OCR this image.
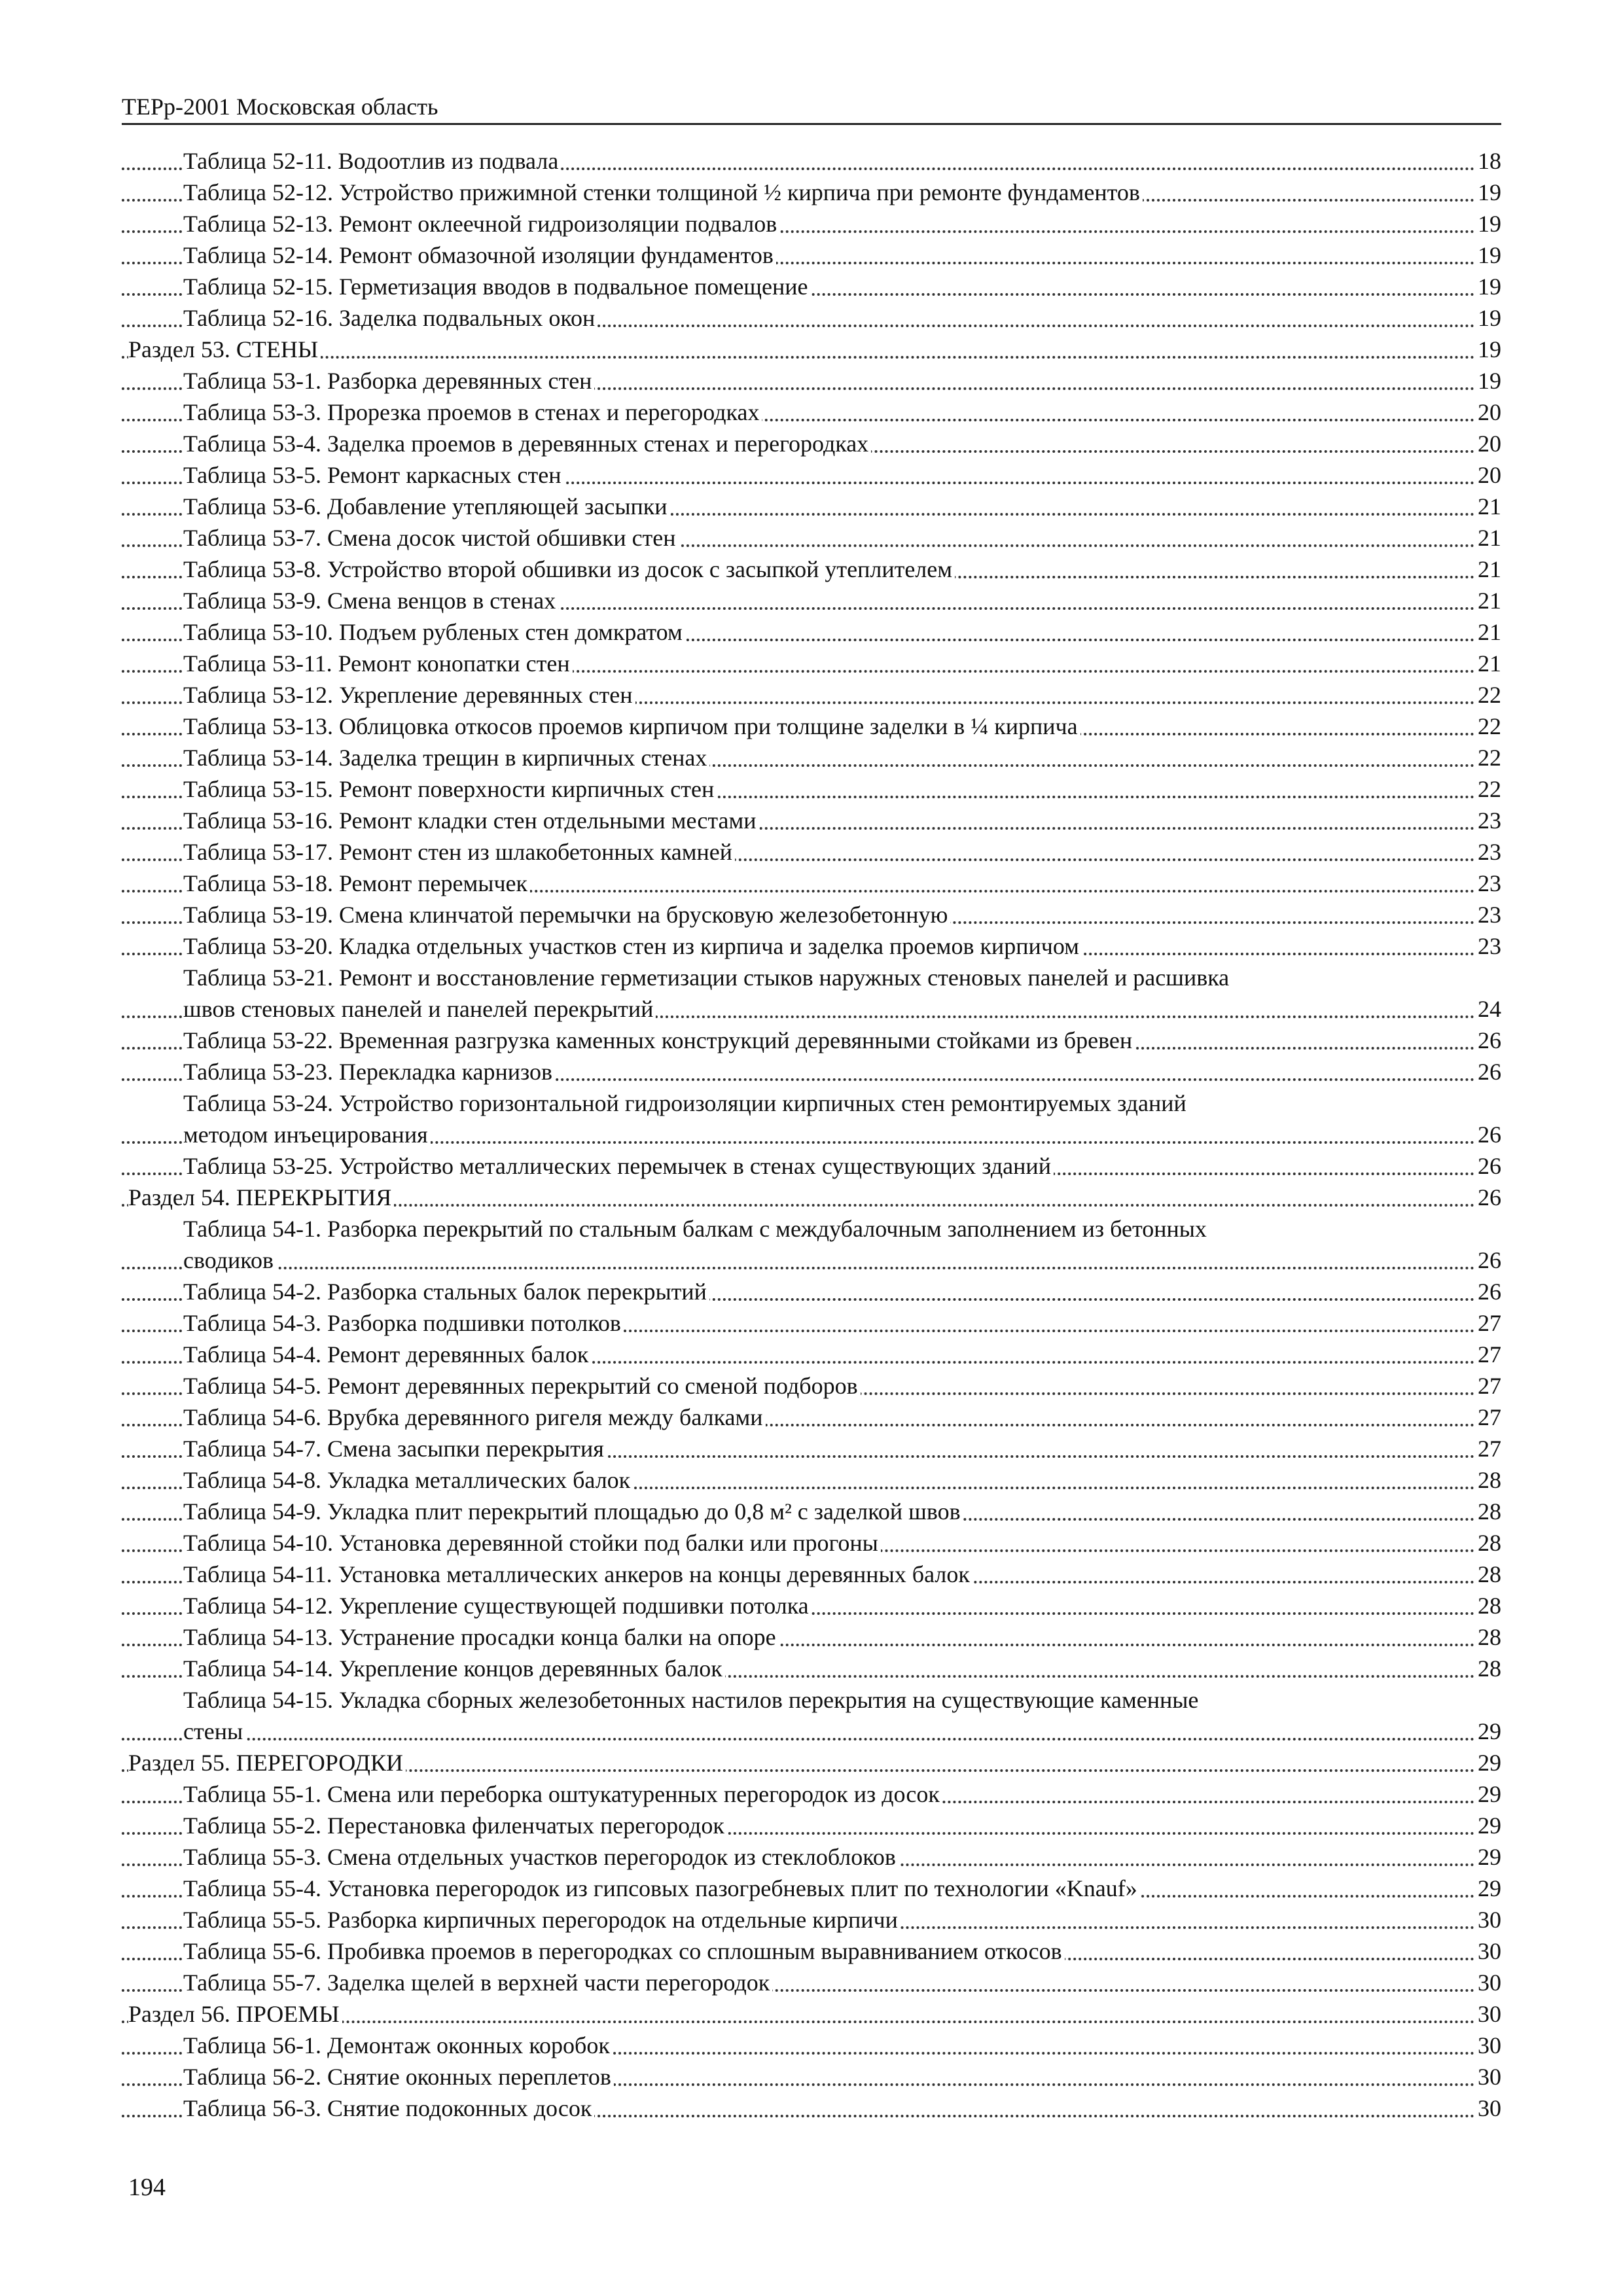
ТЕРр-2001 Московская область
Таблица 52-11. Водоотлив из подвала	18
Таблица 52-12. Устройство прижимной стенки толщиной ½ кирпича при ремонте фундаментов	19
Таблица 52-13. Ремонт оклеечной гидроизоляции подвалов	19
Таблица 52-14. Ремонт обмазочной изоляции фундаментов	19
Таблица 52-15. Герметизация вводов в подвальное помещение	19
Таблица 52-16. Заделка подвальных окон	19
Раздел 53. СТЕНЫ	19
Таблица 53-1. Разборка деревянных стен	19
Таблица 53-3. Прорезка проемов в стенах и перегородках	20
Таблица 53-4. Заделка проемов в деревянных стенах и перегородках	20
Таблица 53-5. Ремонт каркасных стен	20
Таблица 53-6. Добавление утепляющей засыпки	21
Таблица 53-7. Смена досок чистой обшивки стен	21
Таблица 53-8. Устройство второй обшивки из досок с засыпкой утеплителем	21
Таблица 53-9. Смена венцов в стенах	21
Таблица 53-10. Подъем рубленых стен домкратом	21
Таблица 53-11. Ремонт конопатки стен	21
Таблица 53-12. Укрепление деревянных стен	22
Таблица 53-13. Облицовка откосов проемов кирпичом при толщине заделки в ¼ кирпича	22
Таблица 53-14. Заделка трещин в кирпичных стенах	22
Таблица 53-15. Ремонт поверхности кирпичных стен	22
Таблица 53-16. Ремонт кладки стен отдельными местами	23
Таблица 53-17. Ремонт стен из шлакобетонных камней	23
Таблица 53-18. Ремонт перемычек	23
Таблица 53-19. Смена клинчатой перемычки на брусковую железобетонную	23
Таблица 53-20. Кладка отдельных участков стен из кирпича и заделка проемов кирпичом	23
Таблица 53-21. Ремонт и восстановление герметизации стыков наружных стеновых панелей и расшивка
швов стеновых панелей и панелей перекрытий	24
Таблица 53-22. Временная разгрузка каменных конструкций деревянными стойками из бревен	26
Таблица 53-23. Перекладка карнизов	26
Таблица 53-24. Устройство горизонтальной гидроизоляции кирпичных стен ремонтируемых зданий
методом инъецирования	26
Таблица 53-25. Устройство металлических перемычек в стенах существующих зданий	26
Раздел 54. ПЕРЕКРЫТИЯ	26
Таблица 54-1. Разборка перекрытий по стальным балкам с междубалочным заполнением из бетонных
сводиков	26
Таблица 54-2. Разборка стальных балок перекрытий	26
Таблица 54-3. Разборка подшивки потолков	27
Таблица 54-4. Ремонт деревянных балок	27
Таблица 54-5. Ремонт деревянных перекрытий со сменой подборов	27
Таблица 54-6. Врубка деревянного ригеля между балками	27
Таблица 54-7. Смена засыпки перекрытия	27
Таблица 54-8. Укладка металлических балок	28
Таблица 54-9. Укладка плит перекрытий площадью до 0,8 м² с заделкой швов	28
Таблица 54-10. Установка деревянной стойки под балки или прогоны	28
Таблица 54-11. Установка металлических анкеров на концы деревянных балок	28
Таблица 54-12. Укрепление существующей подшивки потолка	28
Таблица 54-13. Устранение просадки конца балки на опоре	28
Таблица 54-14. Укрепление концов деревянных балок	28
Таблица 54-15. Укладка сборных железобетонных настилов перекрытия на существующие каменные
стены	29
Раздел 55. ПЕРЕГОРОДКИ	29
Таблица 55-1. Смена или переборка оштукатуренных перегородок из досок	29
Таблица 55-2. Перестановка филенчатых перегородок	29
Таблица 55-3. Смена отдельных участков перегородок из стеклоблоков	29
Таблица 55-4. Установка перегородок из гипсовых пазогребневых плит по технологии «Knauf»	29
Таблица 55-5. Разборка кирпичных перегородок на отдельные кирпичи	30
Таблица 55-6. Пробивка проемов в перегородках со сплошным выравниванием откосов	30
Таблица 55-7. Заделка щелей в верхней части перегородок	30
Раздел 56. ПРОЕМЫ	30
Таблица 56-1. Демонтаж оконных коробок	30
Таблица 56-2. Снятие оконных переплетов	30
Таблица 56-3. Снятие подоконных досок	30
194
